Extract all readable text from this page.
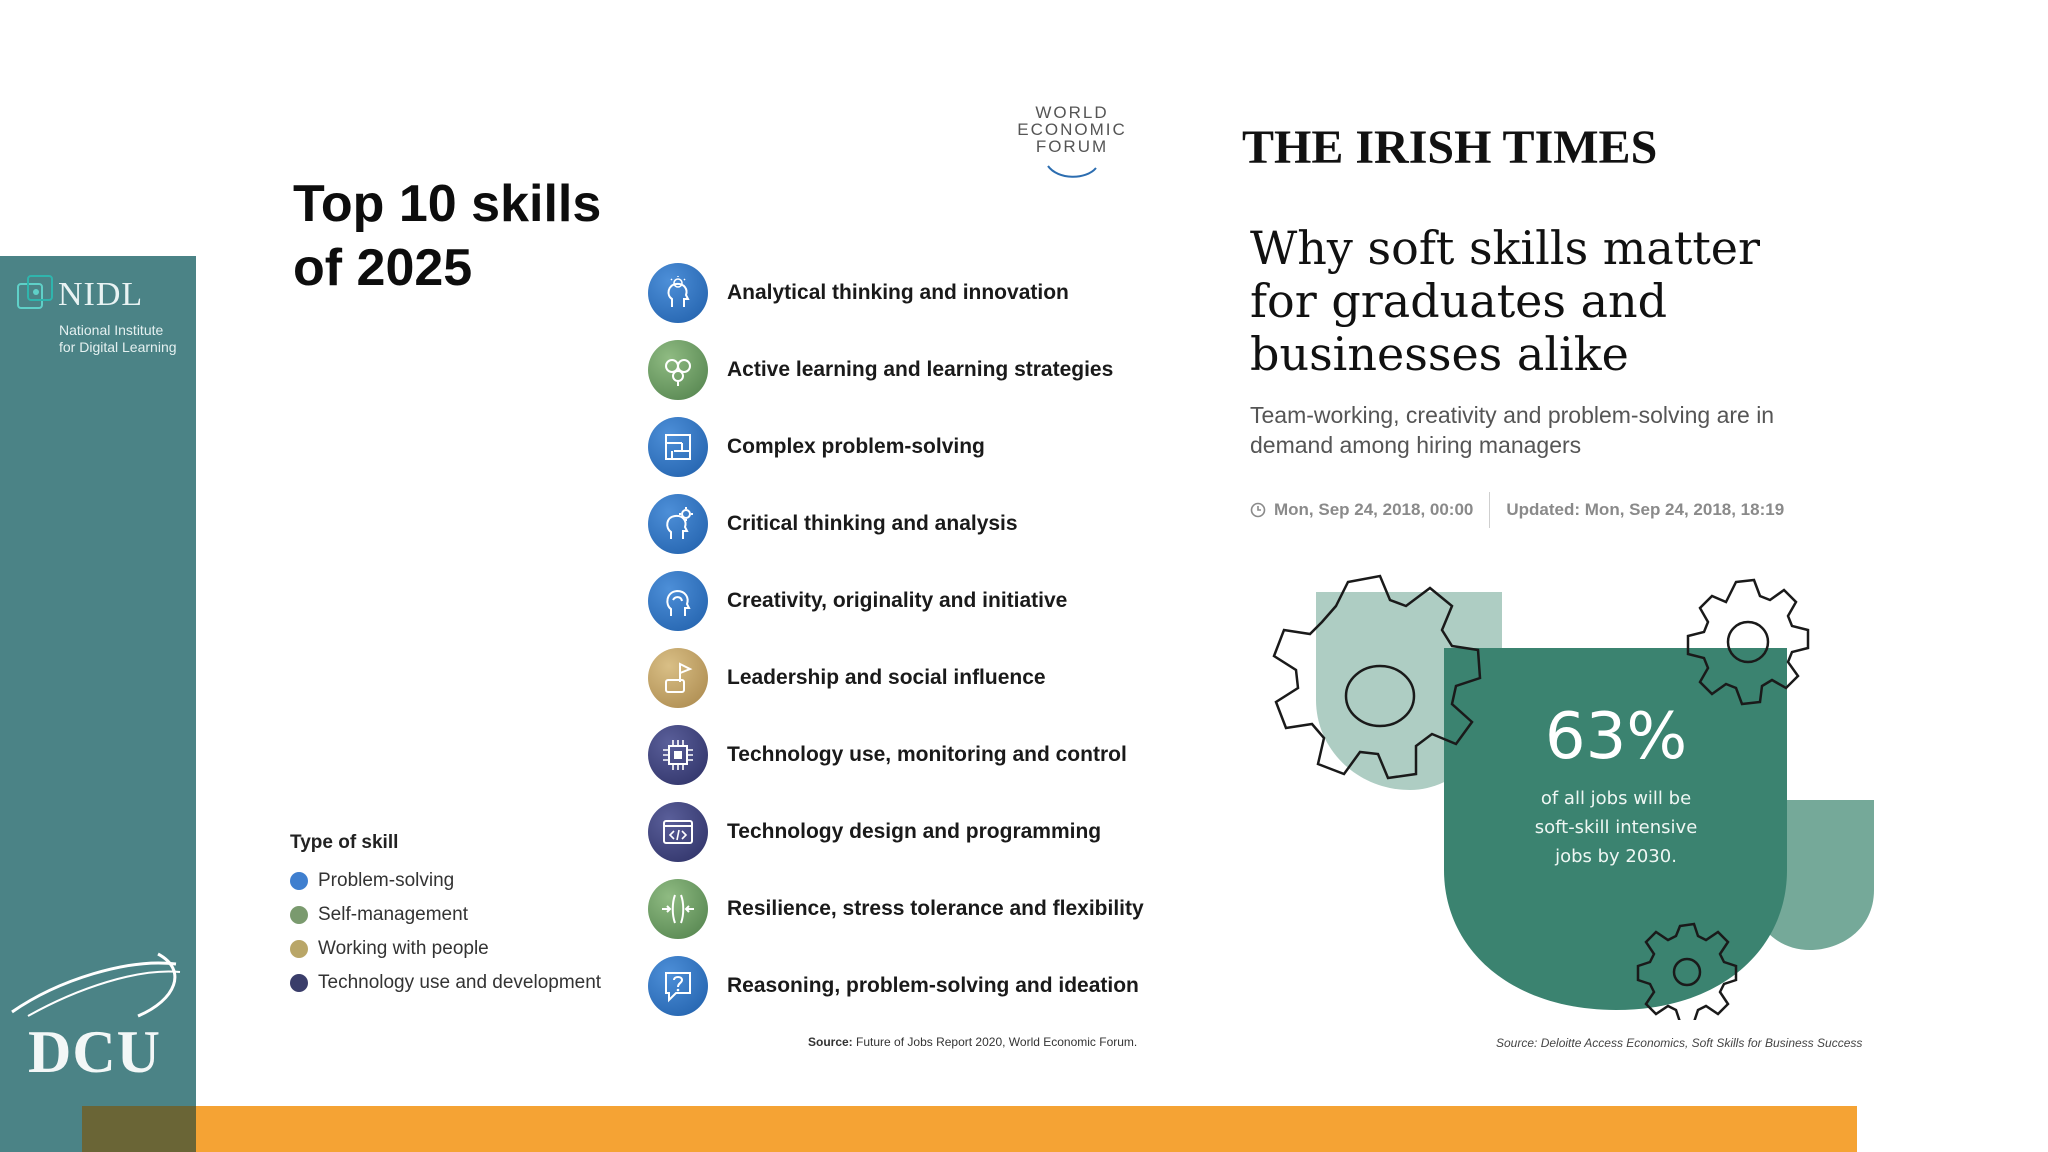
NIDL
National Institute
for Digital Learning
DCU
WORLD
ECONOMIC
FORUM
Top 10 skills
of 2025	Analytical thinking and innovation
Active learning and learning strategies
Complex problem-solving
Critical thinking and analysis
Creativity, originality and initiative
Leadership and social influence
Technology use, monitoring and control
Technology design and programming
Resilience, stress tolerance and flexibility
Reasoning, problem-solving and ideation
Type of skill
Problem-solving
Self-management
Working with people
Technology use and development
Source: Future of Jobs Report 2020, World Economic Forum.
THE IRISH TIMES
Why soft skills matter for graduates and businesses alike
Team-working, creativity and problem-solving are in demand among hiring managers
Mon, Sep 24, 2018, 00:00 Updated: Mon, Sep 24, 2018, 18:19
63%
of all jobs will be
soft-skill intensive
jobs by 2030.
Source: Deloitte Access Economics, Soft Skills for Business Success
